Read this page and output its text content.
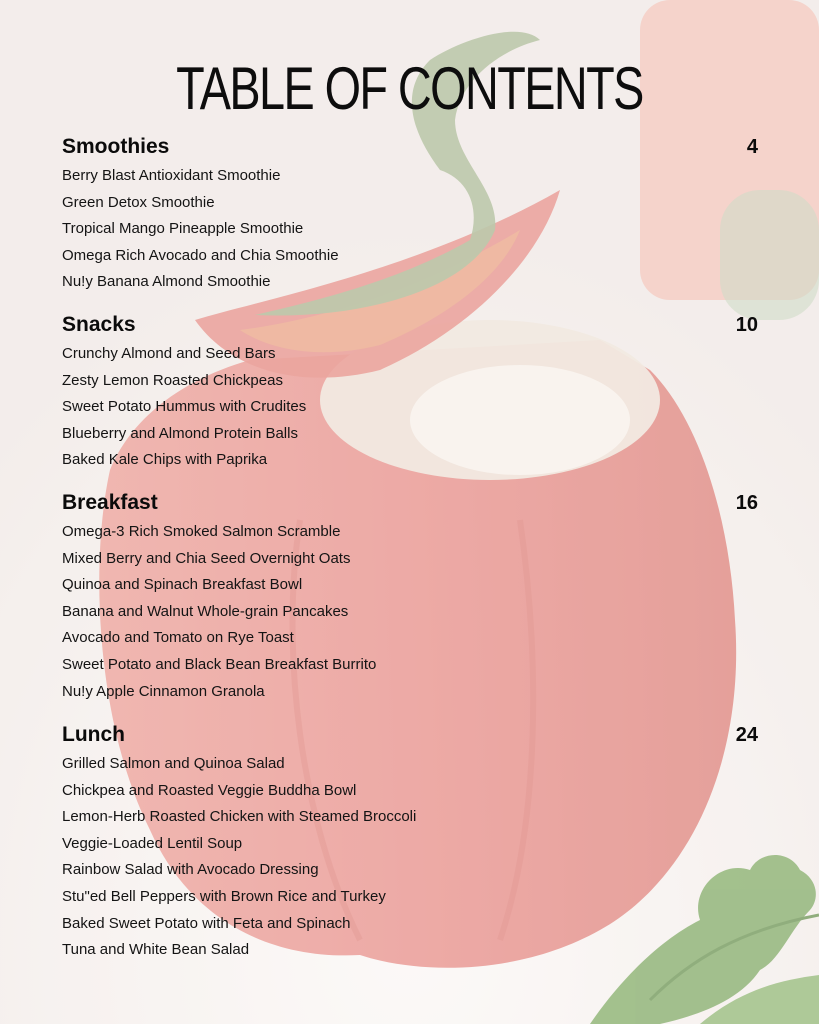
TABLE OF CONTENTS
Smoothies	4
Berry Blast Antioxidant Smoothie
Green Detox Smoothie
Tropical Mango Pineapple Smoothie
Omega Rich Avocado and Chia Smoothie
Nu!y Banana Almond Smoothie
Snacks	10
Crunchy Almond and Seed Bars
Zesty Lemon Roasted Chickpeas
Sweet Potato Hummus with Crudites
Blueberry and Almond Protein Balls
Baked Kale Chips with Paprika
Breakfast	16
Omega-3 Rich Smoked Salmon Scramble
Mixed Berry and Chia Seed Overnight Oats
Quinoa and Spinach Breakfast Bowl
Banana and Walnut Whole-grain Pancakes
Avocado and Tomato on Rye Toast
Sweet Potato and Black Bean Breakfast Burrito
Nu!y Apple Cinnamon Granola
Lunch	24
Grilled Salmon and Quinoa Salad
Chickpea and Roasted Veggie Buddha Bowl
Lemon-Herb Roasted Chicken with Steamed Broccoli
Veggie-Loaded Lentil Soup
Rainbow Salad with Avocado Dressing
Stu"ed Bell Peppers with Brown Rice and Turkey
Baked Sweet Potato with Feta and Spinach
Tuna and White Bean Salad
